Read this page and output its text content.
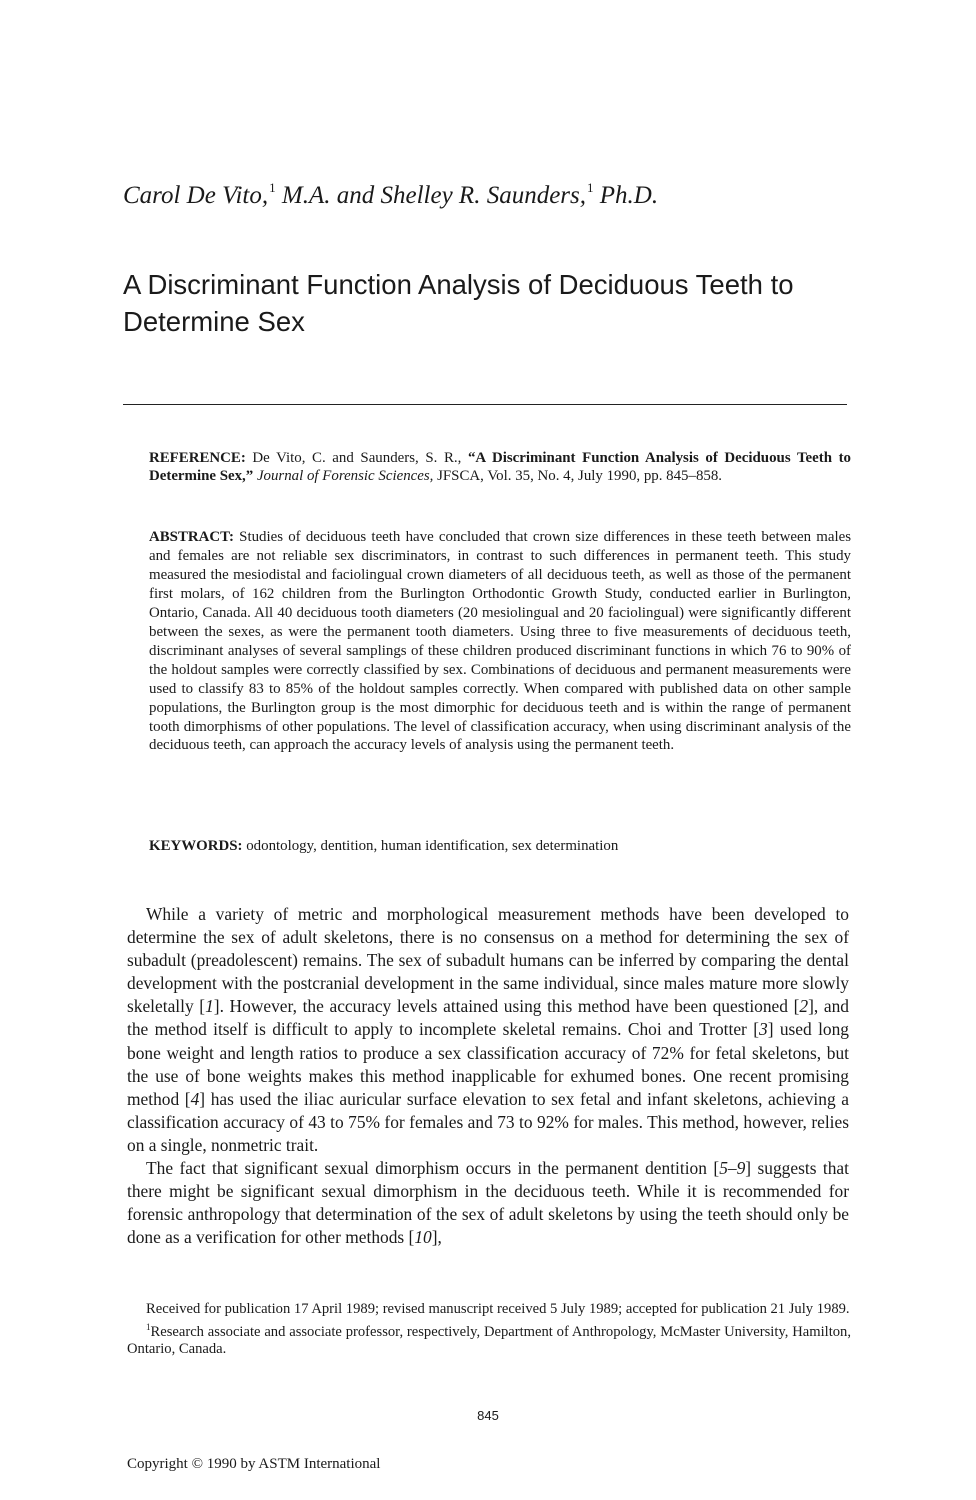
Carol De Vito,$^1$ M.A. and Shelley R. Saunders,$^1$ Ph.D.
A Discriminant Function Analysis of Deciduous Teeth to Determine Sex
REFERENCE: De Vito, C. and Saunders, S. R., “A Discriminant Function Analysis of Deciduous Teeth to Determine Sex,” Journal of Forensic Sciences, JFSCA, Vol. 35, No. 4, July 1990, pp. 845–858.
ABSTRACT: Studies of deciduous teeth have concluded that crown size differences in these teeth between males and females are not reliable sex discriminators, in contrast to such differences in permanent teeth. This study measured the mesiodistal and faciolingual crown diameters of all deciduous teeth, as well as those of the permanent first molars, of 162 children from the Burlington Orthodontic Growth Study, conducted earlier in Burlington, Ontario, Canada. All 40 deciduous tooth diameters (20 mesiolingual and 20 faciolingual) were significantly different between the sexes, as were the permanent tooth diameters. Using three to five measurements of deciduous teeth, discriminant analyses of several samplings of these children produced discriminant functions in which 76 to 90% of the holdout samples were correctly classified by sex. Combinations of deciduous and permanent measurements were used to classify 83 to 85% of the holdout samples correctly. When compared with published data on other sample populations, the Burlington group is the most dimorphic for deciduous teeth and is within the range of permanent tooth dimorphisms of other populations. The level of classification accuracy, when using discriminant analysis of the deciduous teeth, can approach the accuracy levels of analysis using the permanent teeth.
KEYWORDS: odontology, dentition, human identification, sex determination

While a variety of metric and morphological measurement methods have been developed to determine the sex of adult skeletons, there is no consensus on a method for determining the sex of subadult (preadolescent) remains. The sex of subadult humans can be inferred by comparing the dental development with the postcranial development in the same individual, since males mature more slowly skeletally [1]. However, the accuracy levels attained using this method have been questioned [2], and the method itself is difficult to apply to incomplete skeletal remains. Choi and Trotter [3] used long bone weight and length ratios to produce a sex classification accuracy of 72% for fetal skeletons, but the use of bone weights makes this method inapplicable for exhumed bones. One recent promising method [4] has used the iliac auricular surface elevation to sex fetal and infant skeletons, achieving a classification accuracy of 43 to 75% for females and 73 to 92% for males. This method, however, relies on a single, nonmetric trait.

The fact that significant sexual dimorphism occurs in the permanent dentition [5–9] suggests that there might be significant sexual dimorphism in the deciduous teeth. While it is recommended for forensic anthropology that determination of the sex of adult skeletons by using the teeth should only be done as a verification for other methods [10],

Received for publication 17 April 1989; revised manuscript received 5 July 1989; accepted for publication 21 July 1989.

$^1$Research associate and associate professor, respectively, Department of Anthropology, McMaster University, Hamilton, Ontario, Canada.

845
Copyright © 1990 by ASTM International
